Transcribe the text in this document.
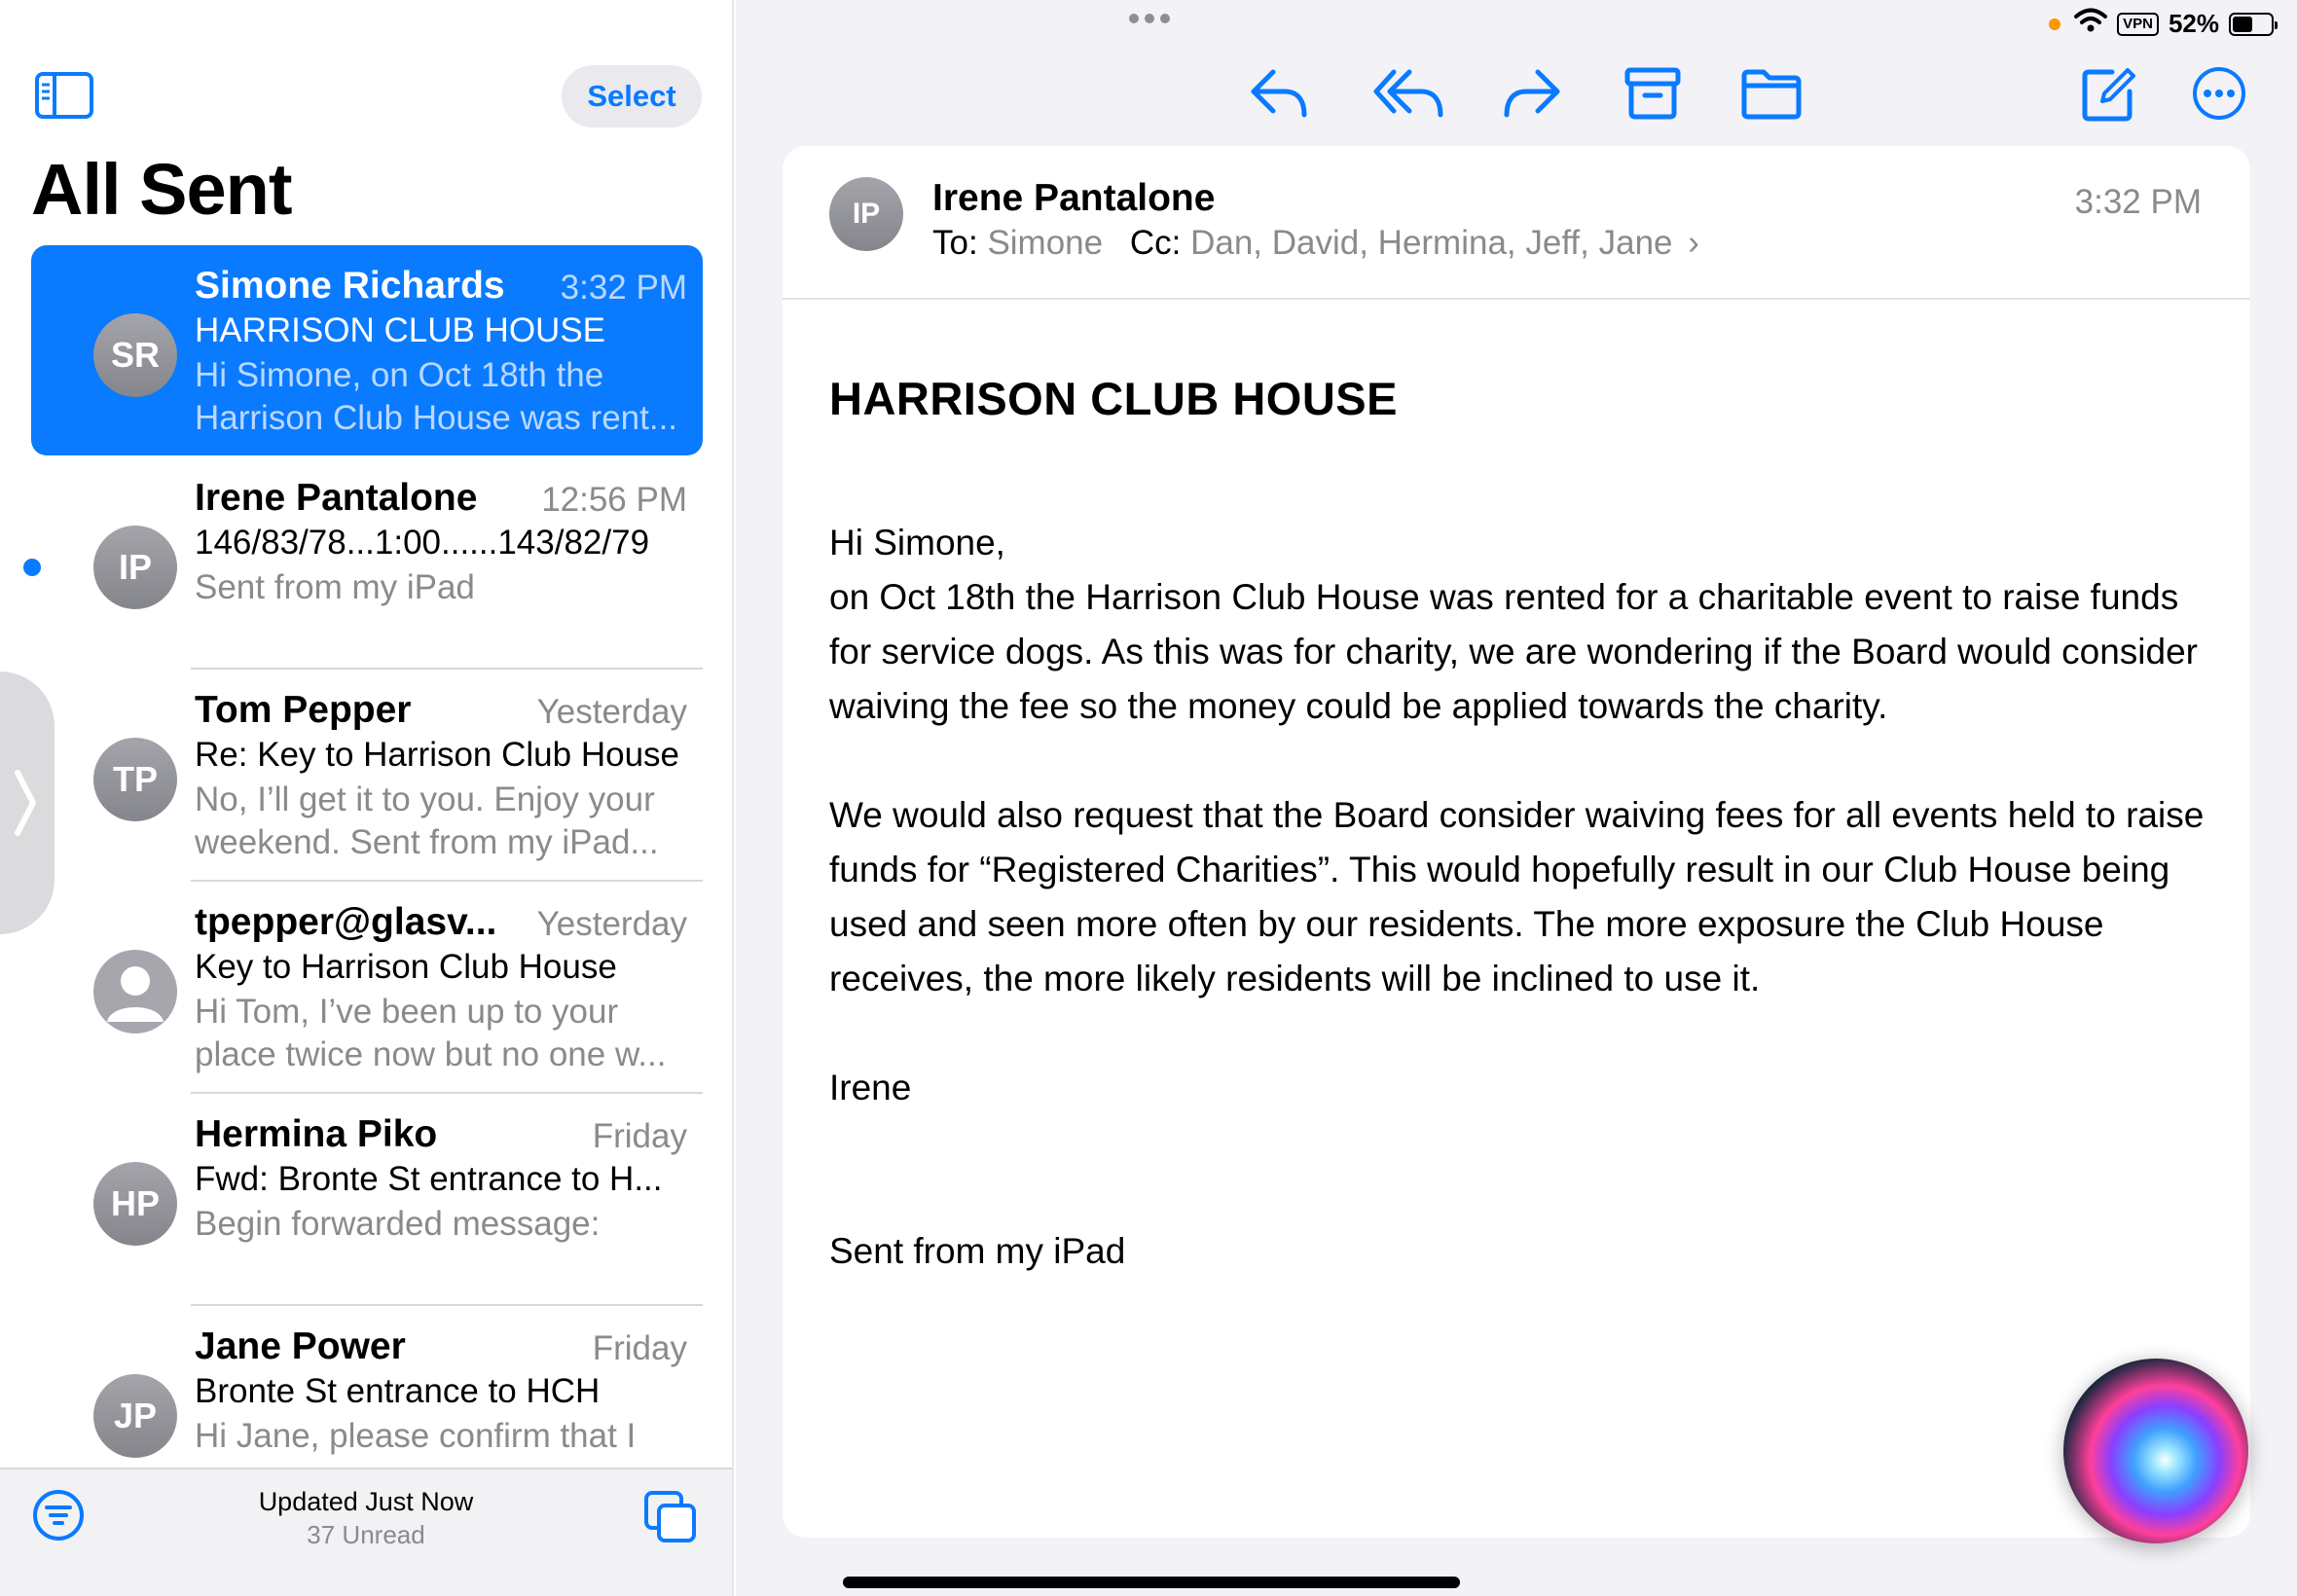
Select
All Sent
SR
Simone Richards 3:32 PM
HARRISON CLUB HOUSE
Hi Simone, on Oct 18th the Harrison Club House was rent...
IP
Irene Pantalone 12:56 PM
146/83/78...1:00......143/82/79
Sent from my iPad
TP
Tom Pepper	Yesterday
Re: Key to Harrison Club House
No, I’ll get it to you. Enjoy your weekend. Sent from my iPad...
tpepper@glasv... Yesterday
Key to Harrison Club House
Hi Tom, I’ve been up to your place twice now but no one w...
HP
Hermina Piko	Friday
Fwd: Bronte St entrance to H...
Begin forwarded message:
JP
Jane Power	Friday
Bronte St entrance to HCH
Hi Jane, please confirm that I
Updated Just Now
37 Unread
IP	Irene Pantalone	3:32 PM
To: Simone Cc: Dan, David, Hermina, Jeff, Jane ›
HARRISON CLUB HOUSE

Hi Simone,

on Oct 18th the Harrison Club House was rented for a charitable event to raise funds for service dogs. As this was for charity, we are wondering if the Board would consider waiving the fee so the money could be applied towards the charity.

We would also request that the Board consider waiving fees for all events held to raise funds for “Registered Charities”. This would hopefully result in our Club House being used and seen more often by our residents. The more exposure the Club House receives, the more likely residents will be inclined to use it.

Irene

Sent from my iPad

VPN 52%
